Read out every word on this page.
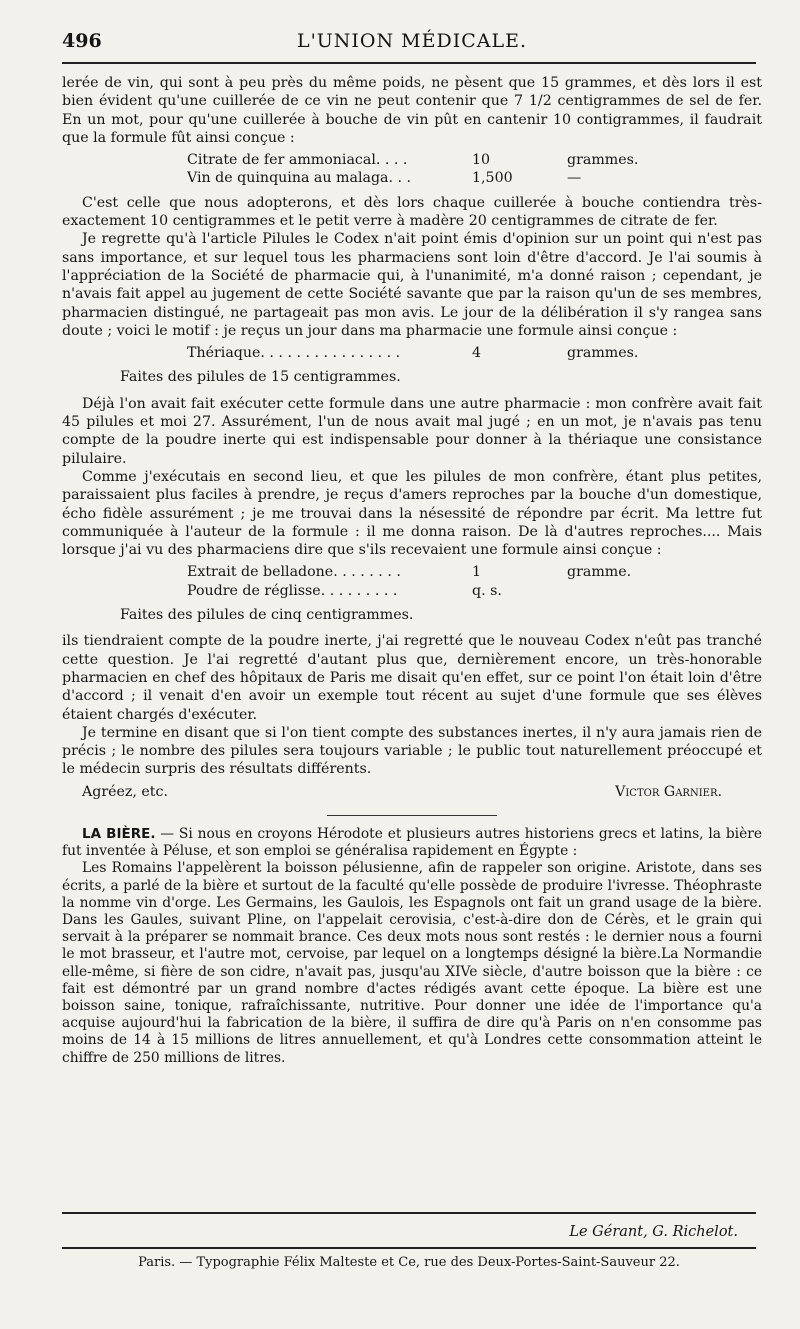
L'UNION MÉDICALE.
496

lerée de vin, qui sont à peu près du même poids, ne pèsent que 15 grammes, et dès lors il est bien évident qu'une cuillerée de ce vin ne peut contenir que 7 1/2 centigrammes de sel de fer. En un mot, pour qu'une cuillerée à bouche de vin pût en cantenir 10 contigrammes, il faudrait que la formule fût ainsi conçue :

Citrate de fer ammoniacal. . . .	10	grammes.
Vin de quinquina au malaga. . .	1,500	—

C'est celle que nous adopterons, et dès lors chaque cuillerée à bouche contiendra très-exactement 10 centigrammes et le petit verre à madère 20 centigrammes de citrate de fer.

Je regrette qu'à l'article Pilules le Codex n'ait point émis d'opinion sur un point qui n'est pas sans importance, et sur lequel tous les pharmaciens sont loin d'être d'accord. Je l'ai soumis à l'appréciation de la Société de pharmacie qui, à l'unanimité, m'a donné raison ; cependant, je n'avais fait appel au jugement de cette Société savante que par la raison qu'un de ses membres, pharmacien distingué, ne partageait pas mon avis. Le jour de la délibération il s'y rangea sans doute ; voici le motif : je reçus un jour dans ma pharmacie une formule ainsi conçue :

Thériaque. . . . . . . . . . . . . . . .	4	grammes.

Faites des pilules de 15 centigrammes.

Déjà l'on avait fait exécuter cette formule dans une autre pharmacie : mon confrère avait fait 45 pilules et moi 27. Assurément, l'un de nous avait mal jugé ; en un mot, je n'avais pas tenu compte de la poudre inerte qui est indispensable pour donner à la thériaque une consistance pilulaire.

Comme j'exécutais en second lieu, et que les pilules de mon confrère, étant plus petites, paraissaient plus faciles à prendre, je reçus d'amers reproches par la bouche d'un domestique, écho fidèle assurément ; je me trouvai dans la nésessité de répondre par écrit. Ma lettre fut communiquée à l'auteur de la formule : il me donna raison. De là d'autres reproches.... Mais lorsque j'ai vu des pharmaciens dire que s'ils recevaient une formule ainsi conçue :

Extrait de belladone. . . . . . . .	1	gramme.
Poudre de réglisse. . . . . . . . .	q. s.

Faites des pilules de cinq centigrammes.

ils tiendraient compte de la poudre inerte, j'ai regretté que le nouveau Codex n'eût pas tranché cette question. Je l'ai regretté d'autant plus que, dernièrement encore, un très-honorable pharmacien en chef des hôpitaux de Paris me disait qu'en effet, sur ce point l'on était loin d'être d'accord ; il venait d'en avoir un exemple tout récent au sujet d'une formule que ses élèves étaient chargés d'exécuter.

Je termine en disant que si l'on tient compte des substances inertes, il n'y aura jamais rien de précis ; le nombre des pilules sera toujours variable ; le public tout naturellement préoccupé et le médecin surpris des résultats différents.

Agréez, etc.	Victor Garnier.

LA BIÈRE. — Si nous en croyons Hérodote et plusieurs autres historiens grecs et latins, la bière fut inventée à Péluse, et son emploi se généralisa rapidement en Égypte :

Les Romains l'appelèrent la boisson pélusienne, afin de rappeler son origine. Aristote, dans ses écrits, a parlé de la bière et surtout de la faculté qu'elle possède de produire l'ivresse. Théophraste la nomme vin d'orge. Les Germains, les Gaulois, les Espagnols ont fait un grand usage de la bière. Dans les Gaules, suivant Pline, on l'appelait cerovisia, c'est-à-dire don de Cérès, et le grain qui servait à la préparer se nommait brance. Ces deux mots nous sont restés : le dernier nous a fourni le mot brasseur, et l'autre mot, cervoise, par lequel on a longtemps désigné la bière.La Normandie elle-même, si fière de son cidre, n'avait pas, jusqu'au XIVe siècle, d'autre boisson que la bière : ce fait est démontré par un grand nombre d'actes rédigés avant cette époque. La bière est une boisson saine, tonique, rafraîchissante, nutritive. Pour donner une idée de l'importance qu'a acquise aujourd'hui la fabrication de la bière, il suffira de dire qu'à Paris on n'en consomme pas moins de 14 à 15 millions de litres annuellement, et qu'à Londres cette consommation atteint le chiffre de 250 millions de litres.

Le Gérant, G. Richelot.
Paris. — Typographie Félix Malteste et Ce, rue des Deux-Portes-Saint-Sauveur 22.
